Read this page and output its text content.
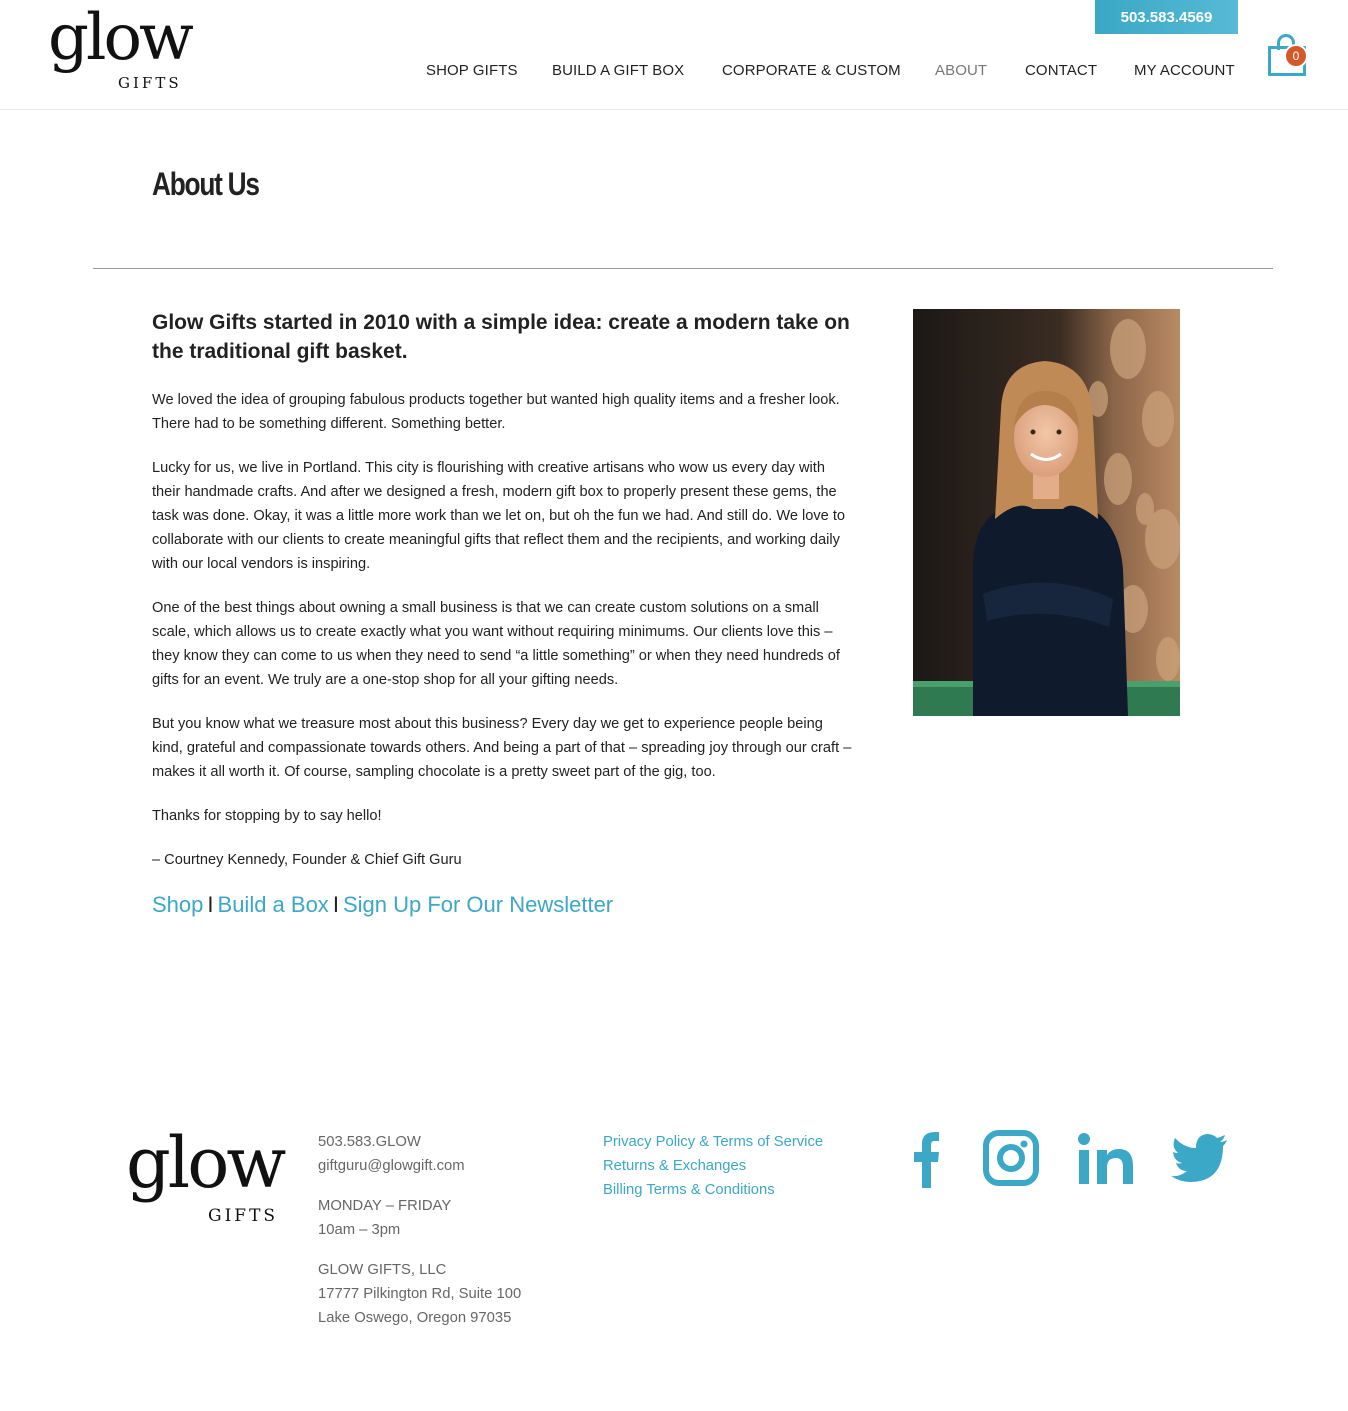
glow
GIFTS
503.583.4569
SHOP GIFTS BUILD A GIFT BOX	CORPORATE & CUSTOM ABOUT	CONTACT MY ACCOUNT
0
About Us

Glow Gifts started in 2010 with a simple idea: create a modern take on the traditional gift basket.

We loved the idea of grouping fabulous products together but wanted high quality items and a fresher look. There had to be something different. Something better.

Lucky for us, we live in Portland. This city is flourishing with creative artisans who wow us every day with their handmade crafts. And after we designed a fresh, modern gift box to properly present these gems, the task was done. Okay, it was a little more work than we let on, but oh the fun we had. And still do. We love to collaborate with our clients to create meaningful gifts that reflect them and the recipients, and working daily with our local vendors is inspiring.

One of the best things about owning a small business is that we can create custom solutions on a small scale, which allows us to create exactly what you want without requiring minimums. Our clients love this – they know they can come to us when they need to send “a little something” or when they need hundreds of gifts for an event. We truly are a one-stop shop for all your gifting needs.

But you know what we treasure most about this business? Every day we get to experience people being kind, grateful and compassionate towards others. And being a part of that – spreading joy through our craft – makes it all worth it. Of course, sampling chocolate is a pretty sweet part of the gig, too.

Thanks for stopping by to say hello!

– Courtney Kennedy, Founder & Chief Gift Guru

Shop I Build a Box I Sign Up For Our Newsletter
glow
GIFTS
503.583.GLOW
giftguru@glowgift.com
MONDAY – FRIDAY
10am – 3pm
GLOW GIFTS, LLC
17777 Pilkington Rd, Suite 100
Lake Oswego, Oregon 97035
Privacy Policy & Terms of Service
Returns & Exchanges
Billing Terms & Conditions
